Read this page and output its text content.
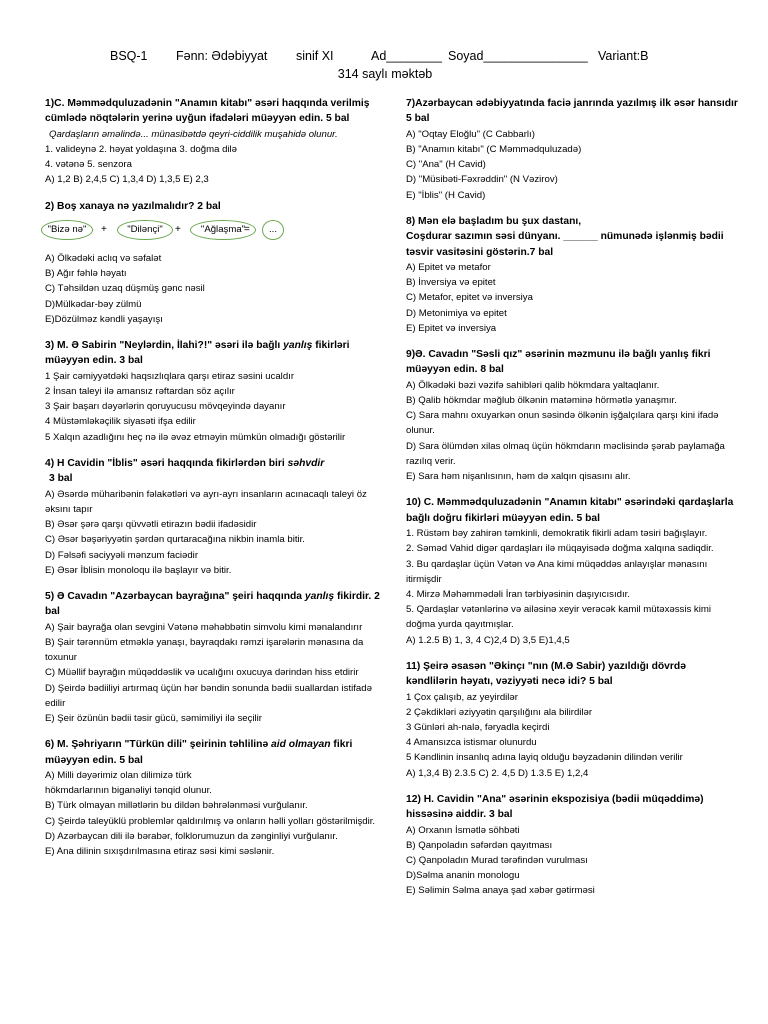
BSQ-1 Fənn: Ədəbiyyat sinif XI	Ad________ Soyad_______________ Variant:B
314 saylı məktəb
1)C. Məmmədquluzadənin "Anamın kitabı" əsəri haqqında verilmiş cümlədə nöqtələrin yerinə uyğun ifadələri müəyyən edin. 5 bal
Qardaşların əməlində... münasibətdə qeyri-ciddilik muşahidə olunur.
1. valideynə 2. həyat yoldaşına 3. doğma dilə
4. vətənə 5. senzora
A) 1,2 B) 2,4,5 C) 1,3,4 D) 1,3,5 E) 2,3
2) Boş xanaya nə yazılmalıdır? 2 bal
"Bizə nə"	+	"Dilənçi"	+	"Ağlaşma"
=	...
A) Ölkədəki aclıq və səfalət
B) Ağır fəhlə həyatı
C) Təhsildən uzaq düşmüş gənc nəsil
D)Mülkədar-bəy zülmü
E)Dözülməz kəndli yaşayışı
3) M. Ə Sabirin "Neylərdin, İlahi?!" əsəri ilə bağlı yanlış fikirləri müəyyən edin. 3 bal
1 Şair cəmiyyətdəki haqsızlıqlara qarşı etiraz səsini ucaldır
2 İnsan taleyi ilə amansız rəftardan söz açılır
3 Şair başarı dəyərlərin qoruyucusu mövqeyində dayanır
4 Müstəmləkəçilik siyasəti ifşa edilir
5 Xalqın azadlığını heç nə ilə əvəz etməyin mümkün olmadığı göstərilir
4) H Cavidin "İblis" əsəri haqqında fikirlərdən biri səhvdir
3 bal
A) Əsərdə müharibənin fəlakətləri və ayrı-ayrı insanların acınacaqlı taleyi öz əksını tapır
B) Əsər şərə qarşı qüvvətli etirazın bədii ifadəsidir
C) Əsər bəşəriyyətin şərdən qurtaracağına nikbin inamla bitir.
D) Fəlsəfi səciyyəli mənzum faciədir
E) Əsər İblisin monoloqu ilə başlayır və bitir.
5) Ə Cavadın "Azərbaycan bayrağına" şeiri haqqında yanlış fikirdir. 2 bal
A) Şair bayrağa olan sevgini Vətənə məhəbbətin simvolu kimi mənalandırır
B) Şair tərənnüm etməklə yanaşı, bayraqdakı rəmzi işarələrin mənasına da toxunur
C) Müəllif bayrağın müqəddəslik və ucalığını oxucuya dərindən hiss etdirir
D) Şeirdə bədiiliyi artırmaq üçün hər bəndin sonunda bədii suallardan istifadə edilir
E) Şeir özünün bədii təsir gücü, səmimiliyi ilə seçilir
6) M. Şəhriyarın "Türkün dili" şeirinin təhlilinə aid olmayan fikri müəyyən edin. 5 bal
A) Milli dəyərimiz olan dilimizə türk
hökmdarlarının biganəliyi tənqid olunur.
B) Türk olmayan millətlərin bu dildən bəhrələnməsi vurğulanır.
C) Şeirdə taleyüklü problemlər qaldırılmış və onların həlli yolları göstərilmişdir.
D) Azərbaycan dili ilə bərabər, folklorumuzun da zənginliyi vurğulanır.
E) Ana dilinin sıxışdırılmasına etiraz səsi kimi səslənir.
7)Azərbaycan ədəbiyyatında faciə janrında yazılmış ilk əsər hansıdır 5 bal
A) "Oqtay Eloğlu" (C Cabbarlı)
B) "Anamın kitabı" (C Məmmədquluzadə)
C) "Ana" (H Cavid)
D) "Müsibəti-Fəxrəddin" (N Vəzirov)
E) "İblis" (H Cavid)
8) Mən elə başladım bu şux dastanı,
Coşdurar sazımın səsi dünyanı. ______ nümunədə işlənmiş bədii təsvir vasitəsini göstərin.7 bal
A) Epitet və metafor
B) İnversiya və epitet
C) Metafor, epitet və inversiya
D) Metonimiya və epitet
E) Epitet və inversiya
9)Ə. Cavadın "Səsli qız" əsərinin məzmunu ilə bağlı yanlış fikri müəyyən edin. 8 bal
A) Ölkədəki bəzi vəzifə sahibləri qalib hökmdara yaltaqlanır.
B) Qalib hökmdar məğlub ölkənin matəminə hörmətlə yanaşmır.
C) Sara mahnı oxuyarkən onun səsində ölkənin işğalçılara qarşı kini ifadə olunur.
D) Sara ölümdən xilas olmaq üçün hökmdarın məclisində şərab paylamağa razılıq verir.
E) Sara həm nişanlısının, həm də xalqın qisasını alır.
10) C. Məmmədquluzadənin "Anamın kitabı" əsərindəki qardaşlarla bağlı doğru fikirləri müəyyən edin. 5 bal
1. Rüstəm bəy zahirən təmkinli, demokratik fikirli adam təsiri bağışlayır.
2. Səməd Vahid digər qardaşları ilə müqayisədə doğma xalqına sadiqdir.
3. Bu qardaşlar üçün Vətən və Ana kimi müqəddəs anlayışlar mənasını itirmişdir
4. Mirzə Məhəmmədəli İran tərbiyəsinin daşıyıcısıdır.
5. Qardaşlar vətənlərinə və ailəsinə xeyir verəcək kamil mütəxəssis kimi doğma yurda qayıtmışlar.
A) 1.2.5 B) 1, 3, 4 C)2,4 D) 3,5 E)1,4,5
11) Şeirə əsasən "Əkinçı "nın (M.Ə Sabir) yazıldığı dövrdə kəndlilərin həyatı, vəziyyəti necə idi? 5 bal
1 Çox çalışıb, az yeyirdilər
2 Çəkdikləri əziyyətin qarşılığını ala bilirdilər
3 Günləri ah-nalə, fəryadla keçirdi
4 Amansızca istismar olunurdu
5 Kəndlinin insanlıq adına layiq olduğu bəyzadənin dilindən verilir
A) 1,3,4 B) 2.3.5 C) 2. 4,5 D) 1.3.5 E) 1,2,4
12) H. Cavidin "Ana" əsərinin ekspozisiya (bədii müqəddimə) hissəsinə aiddir. 3 bal
A) Orxanın İsmətlə söhbəti
B) Qanpoladın səfərdən qayıtması
C) Qanpoladın Murad tərəfindən vurulması
D)Səlma ananin monologu
E) Səlimin Səlma anaya şad xəbər gətirməsi
